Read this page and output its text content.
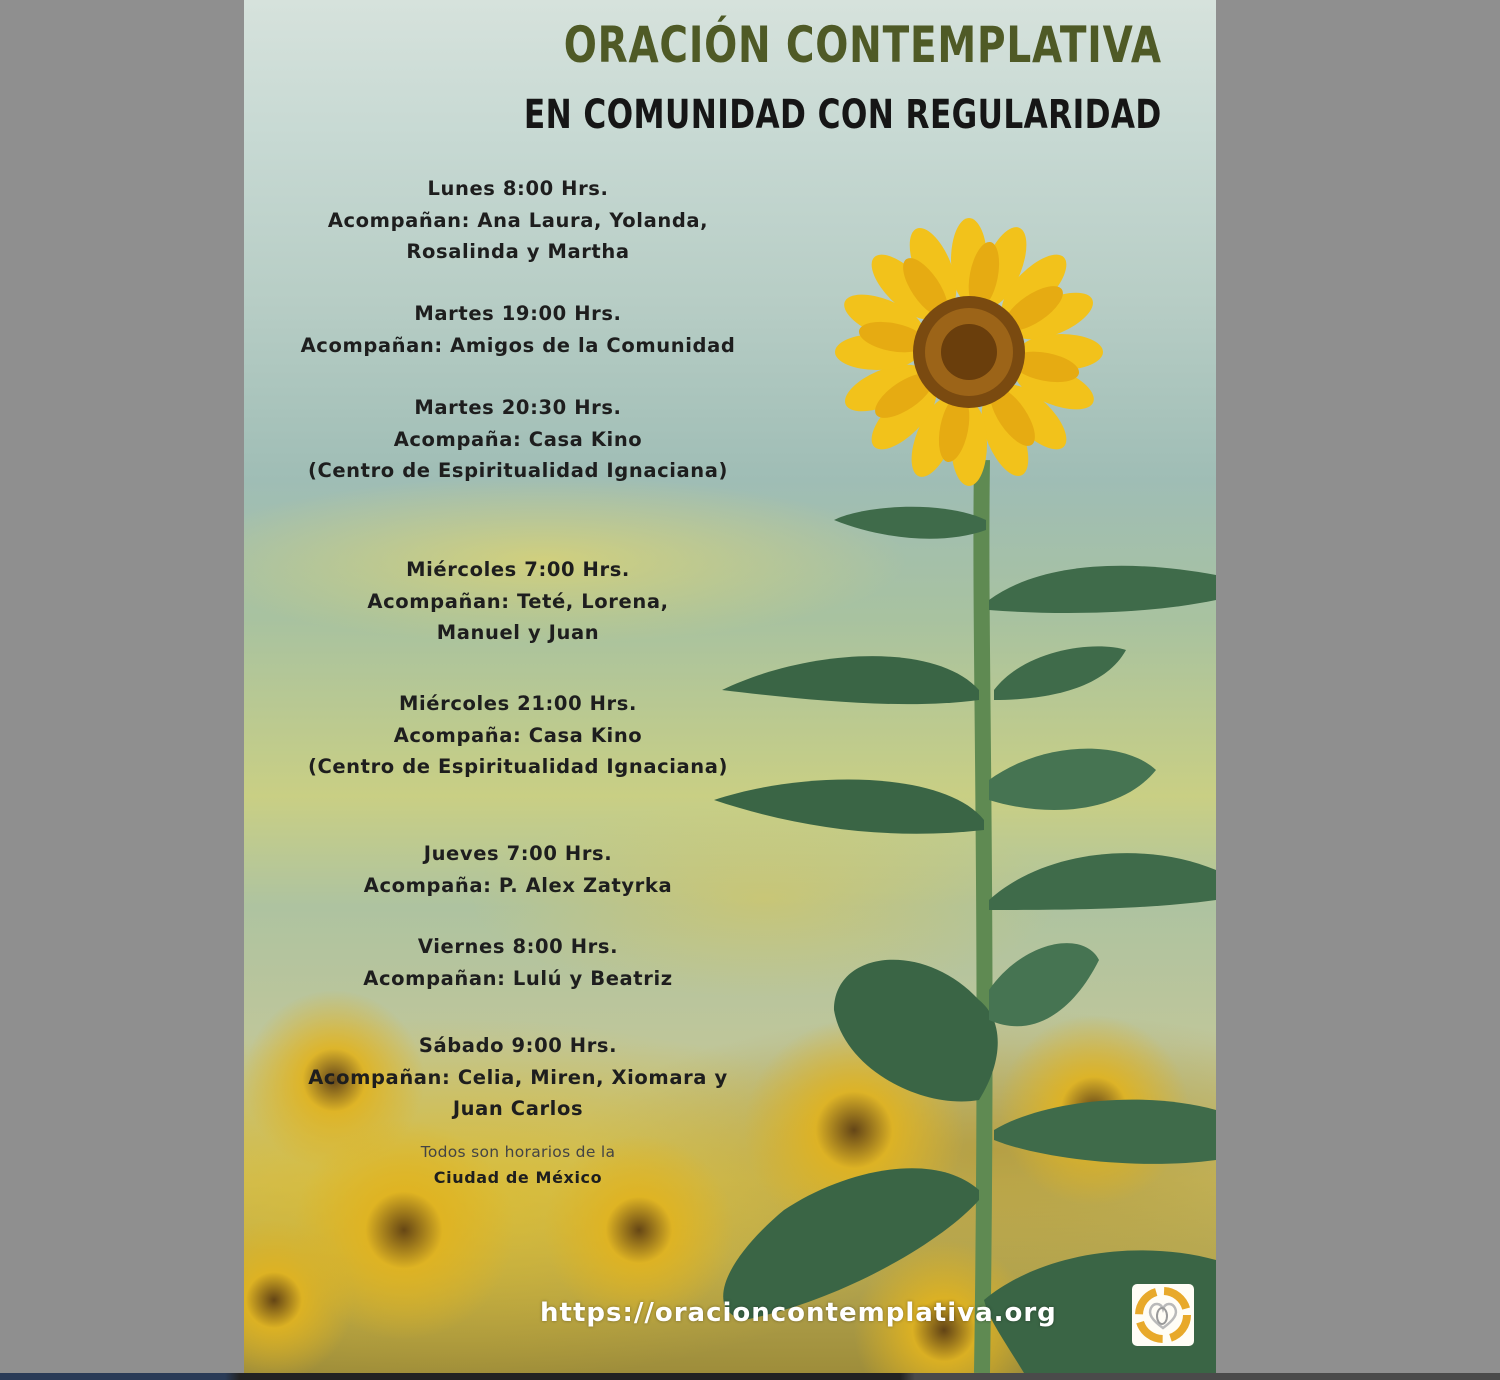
ORACIÓN CONTEMPLATIVA
EN COMUNIDAD CON REGULARIDAD
Lunes 8:00 Hrs.
Acompañan: Ana Laura, Yolanda,
Rosalinda y Martha
Martes 19:00 Hrs.
Acompañan: Amigos de la Comunidad
Martes 20:30 Hrs.
Acompaña: Casa Kino
(Centro de Espiritualidad Ignaciana)
Miércoles 7:00 Hrs.
Acompañan: Teté, Lorena,
Manuel y Juan
Miércoles 21:00 Hrs.
Acompaña: Casa Kino
(Centro de Espiritualidad Ignaciana)
Jueves 7:00 Hrs.
Acompaña: P. Alex Zatyrka
Viernes 8:00 Hrs.
Acompañan: Lulú y Beatriz
Sábado 9:00 Hrs.
Acompañan: Celia, Miren, Xiomara y
Juan Carlos
Todos son horarios de la
Ciudad de México
https://oracioncontemplativa.org
